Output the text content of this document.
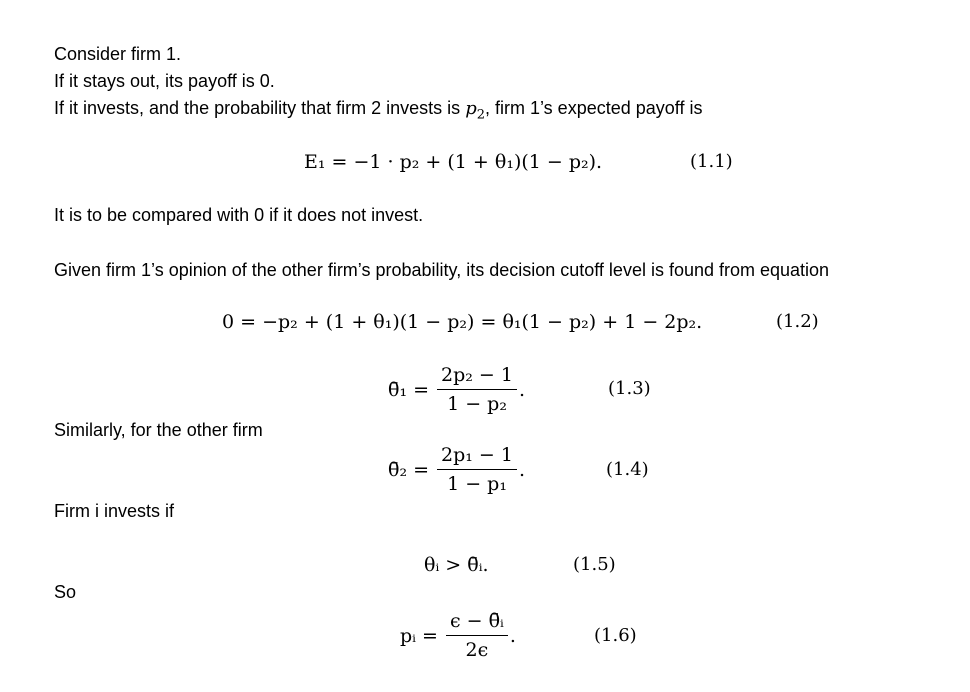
Consider firm 1.
If it stays out, its payoff is 0.
If it invests, and the probability that firm 2 invests is $p_2$, firm 1’s expected payoff is
E₁ = −1 · p₂ + (1 + θ₁)(1 − p₂).	(1.1)
It is to be compared with 0 if it does not invest.
Given firm 1’s opinion of the other firm’s probability, its decision cutoff level is found from equation
0 = −p₂ + (1 + θ₁)(1 − p₂) = θ₁(1 − p₂) + 1 − 2p₂.	(1.2)
θ̄₁ = $\frac{\text{2p₂ − 1}}{\text{1 − p₂}}$ .	(1.3)
Similarly, for the other firm
θ̄₂ = $\frac{\text{2p₁ − 1}}{\text{1 − p₁}}$ .	(1.4)
Firm i invests if
θᵢ > θ̄ᵢ.	(1.5)
So
pᵢ = $\frac{\text{ϵ − θ̄ᵢ}}{2\epsilon}$ .	(1.6)
